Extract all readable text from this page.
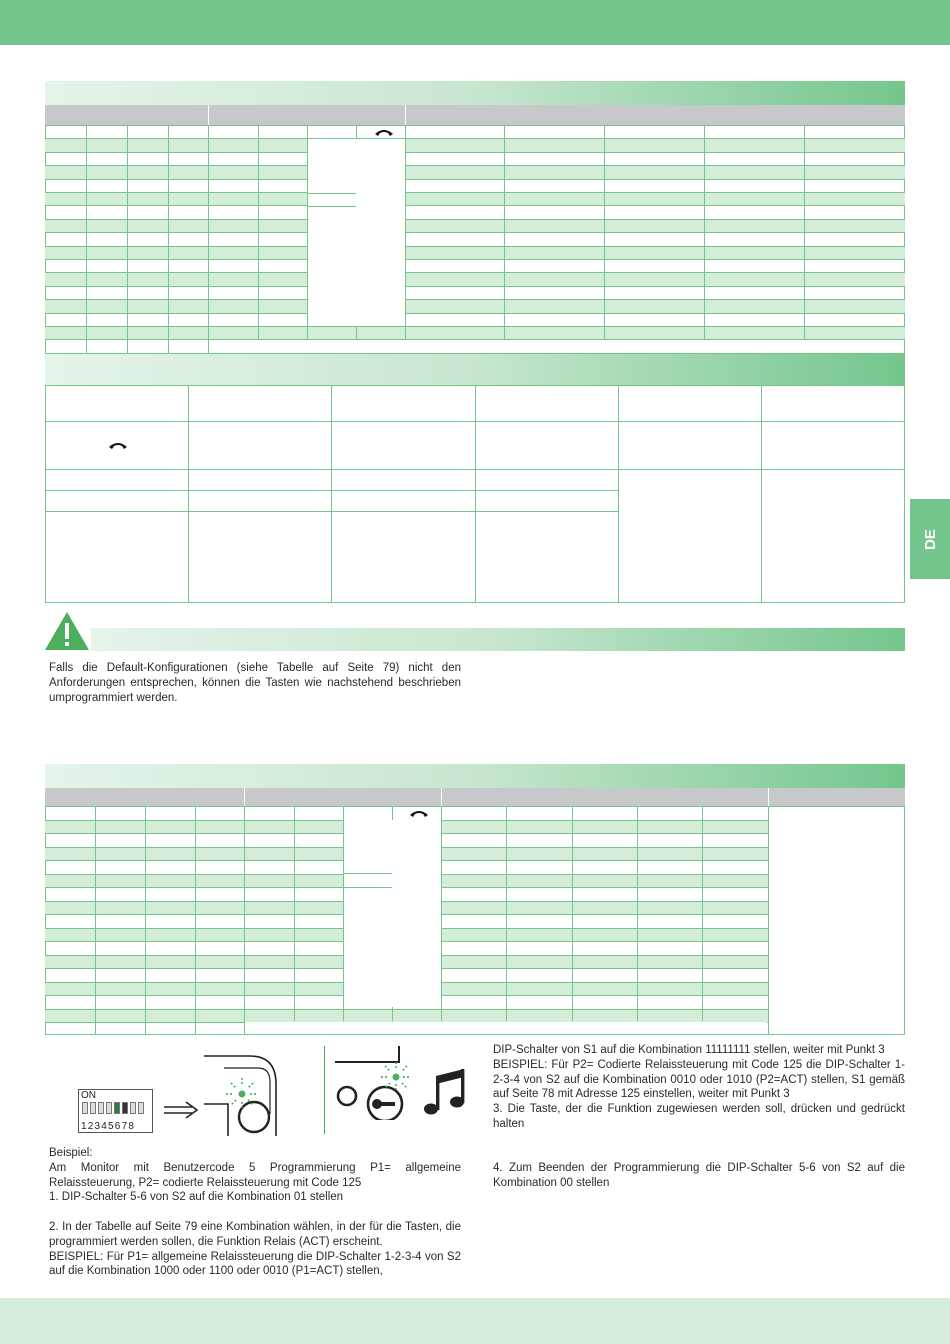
DE
Falls die Default-Konfigurationen (siehe Tabelle auf Seite 79) nicht den Anforderungen entsprechen, können die Tasten wie nachstehend beschrieben umprogrammiert werden.
ON
12345678
Beispiel:
Am Monitor mit Benutzercode 5 Programmierung P1= allgemeine Relaissteuerung, P2= codierte Relaissteuerung mit Code 125
1. DIP-Schalter 5-6 von S2 auf die Kombination 01 stellen
2. In der Tabelle auf Seite 79 eine Kombination wählen, in der für die Tasten, die programmiert werden sollen, die Funktion Relais (ACT) erscheint.
BEISPIEL: Für P1= allgemeine Relaissteuerung die DIP-Schalter 1-2-3-4 von S2 auf die Kombination 1000 oder 1100 oder 0010 (P1=ACT) stellen,
DIP-Schalter von S1 auf die Kombination 11111111 stellen, weiter mit Punkt 3
BEISPIEL: Für P2= Codierte Relaissteuerung mit Code 125 die DIP-Schalter 1-2-3-4 von S2 auf die Kombination 0010 oder 1010 (P2=ACT) stellen, S1 gemäß auf Seite 78 mit Adresse 125 einstellen, weiter mit Punkt 3
3. Die Taste, der die Funktion zugewiesen werden soll, drücken und gedrückt halten
4. Zum Beenden der Programmierung die DIP-Schalter 5-6 von S2 auf die Kombination 00 stellen
